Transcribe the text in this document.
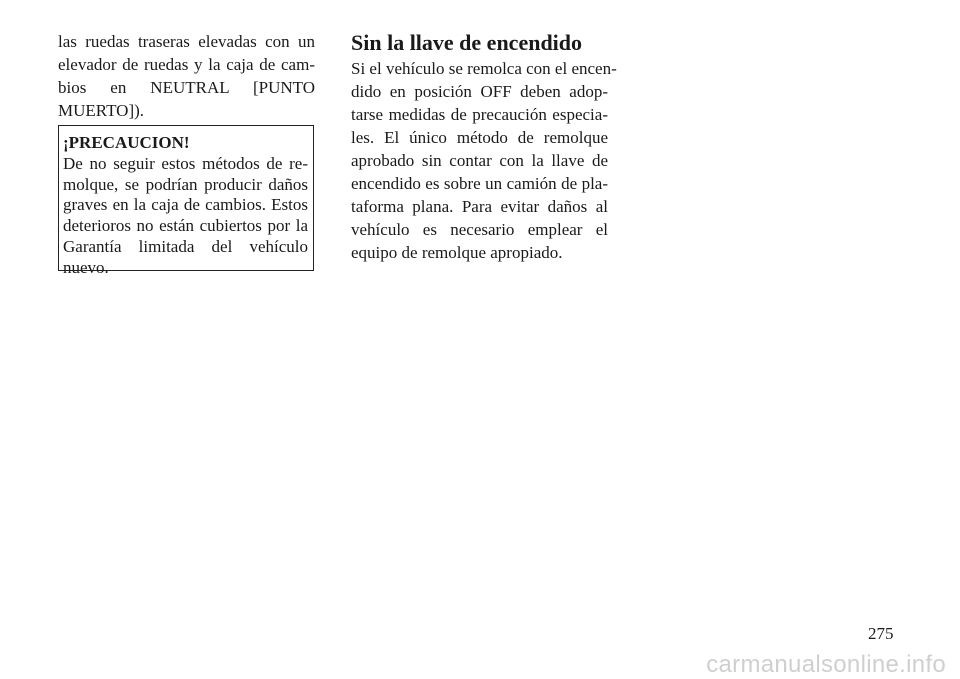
las ruedas traseras elevadas con un
elevador de ruedas y la caja de cam-
bios en NEUTRAL [PUNTO
MUERTO]).

¡PRECAUCION!
De no seguir estos métodos de re-
molque, se podrían producir daños
graves en la caja de cambios. Estos
deterioros no están cubiertos por la
Garantía limitada del vehículo
nuevo.
Sin la llave de encendido

Si el vehículo se remolca con el encen-
dido en posición OFF deben adop-
tarse medidas de precaución especia-
les. El único método de remolque
aprobado sin contar con la llave de
encendido es sobre un camión de pla-
taforma plana. Para evitar daños al
vehículo es necesario emplear el
equipo de remolque apropiado.

275
carmanualsonline.info
